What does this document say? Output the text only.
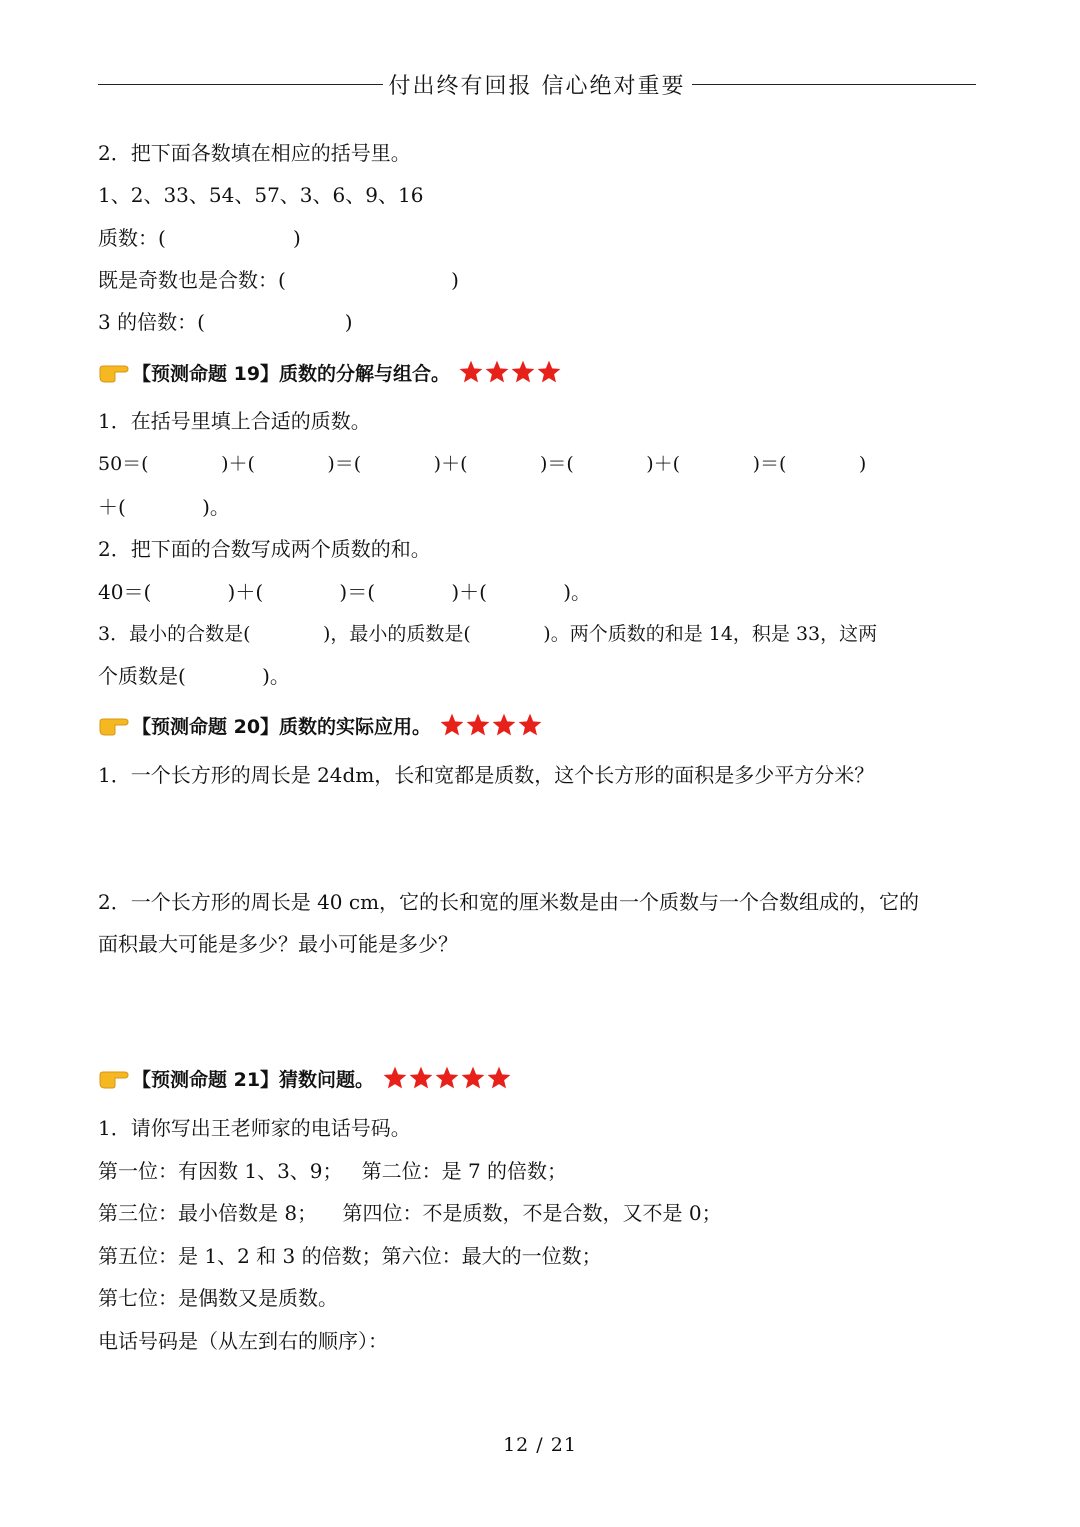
付出终有回报 信心绝对重要
2．把下面各数填在相应的括号里。
1、2、33、54、57、3、6、9、16
质数：(                    )
既是奇数也是合数：(                          )
3 的倍数：(                      )
【预测命题 19】质数的分解与组合。
1．在括号里填上合适的质数。
50＝(            )＋(            )＝(            )＋(            )＝(            )＋(            )＝(            )
＋(            )。
2．把下面的合数写成两个质数的和。
40＝(            )＋(            )＝(            )＋(            )。
3．最小的合数是(            )，最小的质数是(            )。两个质数的和是 14，积是 33，这两
个质数是(            )。
【预测命题 20】质数的实际应用。
1．一个长方形的周长是 24dm，长和宽都是质数，这个长方形的面积是多少平方分米？
2．一个长方形的周长是 40 cm，它的长和宽的厘米数是由一个质数与一个合数组成的，它的
面积最大可能是多少？最小可能是多少？
【预测命题 21】猜数问题。
1．请你写出王老师家的电话号码。
第一位：有因数 1、3、9；   第二位：是 7 的倍数；
第三位：最小倍数是 8；    第四位：不是质数，不是合数，又不是 0；
第五位：是 1、2 和 3 的倍数；第六位：最大的一位数；
第七位：是偶数又是质数。
电话号码是（从左到右的顺序）：
12 / 21
